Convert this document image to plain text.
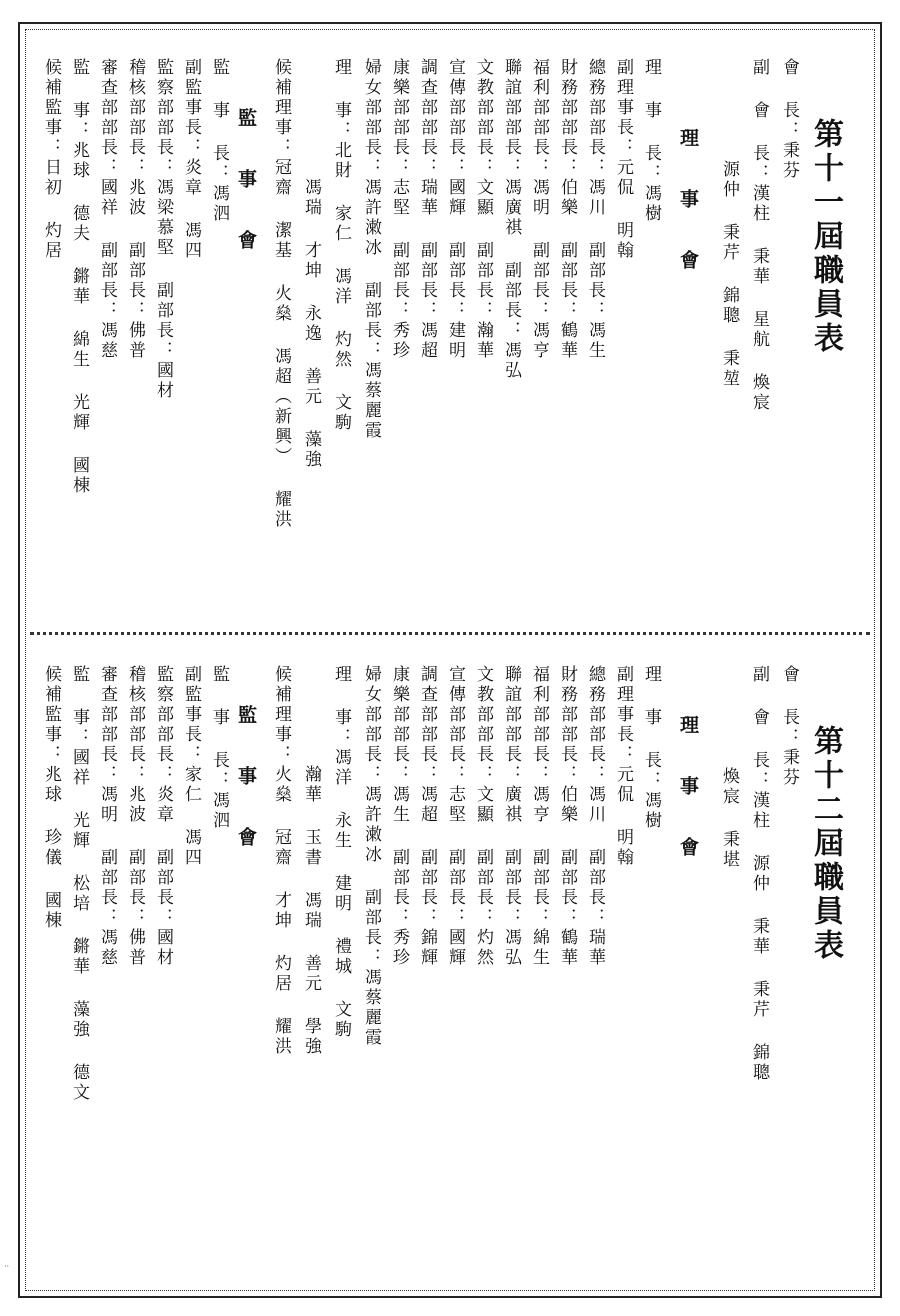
··
第十一屆職員表
會 長：秉芬
副 會 長：漢柱 秉華 星航 煥宸
源仲 秉芹 錦聰 秉堃
理 事 會
理 事 長：馮樹
副理事長：元侃 明翰
總務部部長：馮川 副部長：馮生
財務部部長：伯樂 副部長：鶴華
福利部部長：馮明 副部長：馮亨
聯誼部部長：馮廣祺 副部長：馮弘
文教部部長：文顯 副部長：瀚華
宣傳部部長：國輝 副部長：建明
調查部部長：瑞華 副部長：馮超
康樂部部長：志堅 副部長：秀珍
婦女部部長：馮許潄冰 副部長：馮蔡麗霞
理 事：北財 家仁 馮洋 灼然 文駒
馮瑞 才坤 永逸 善元 藻強
候補理事：冠齋 潔基 火燊 馮超（新興） 耀洪
監 事 會
監 事 長：馮泗
副監事長：炎章 馮四
監察部部長：馮梁慕堅 副部長：國材
稽核部部長：兆波 副部長：佛普
審查部部長：國祥 副部長：馮慈
監 事：兆球 德夫 鏘華 綿生 光輝 國棟
候補監事：日初 灼居
第十二屆職員表
會 長：秉芬
副 會 長：漢柱 源仲 秉華 秉芹 錦聰
煥宸 秉堪
理 事 會
理 事 長：馮樹
副理事長：元侃 明翰
總務部部長：馮川 副部長：瑞華
財務部部長：伯樂 副部長：鶴華
福利部部長：馮亨 副部長：綿生
聯誼部部長：廣祺 副部長：馮弘
文教部部長：文顯 副部長：灼然
宣傳部部長：志堅 副部長：國輝
調查部部長：馮超 副部長：錦輝
康樂部部長：馮生 副部長：秀珍
婦女部部長：馮許潄冰 副部長：馮蔡麗霞
理 事：馮洋 永生 建明 禮城 文駒
瀚華 玉書 馮瑞 善元 學強
候補理事：火燊 冠齋 才坤 灼居 耀洪
監 事 會
監 事 長：馮泗
副監事長：家仁 馮四
監察部部長：炎章 副部長：國材
稽核部部長：兆波 副部長：佛普
審查部部長：馮明 副部長：馮慈
監 事：國祥 光輝 松培 鏘華 藻強 德文
候補監事：兆球 珍儀 國棟
